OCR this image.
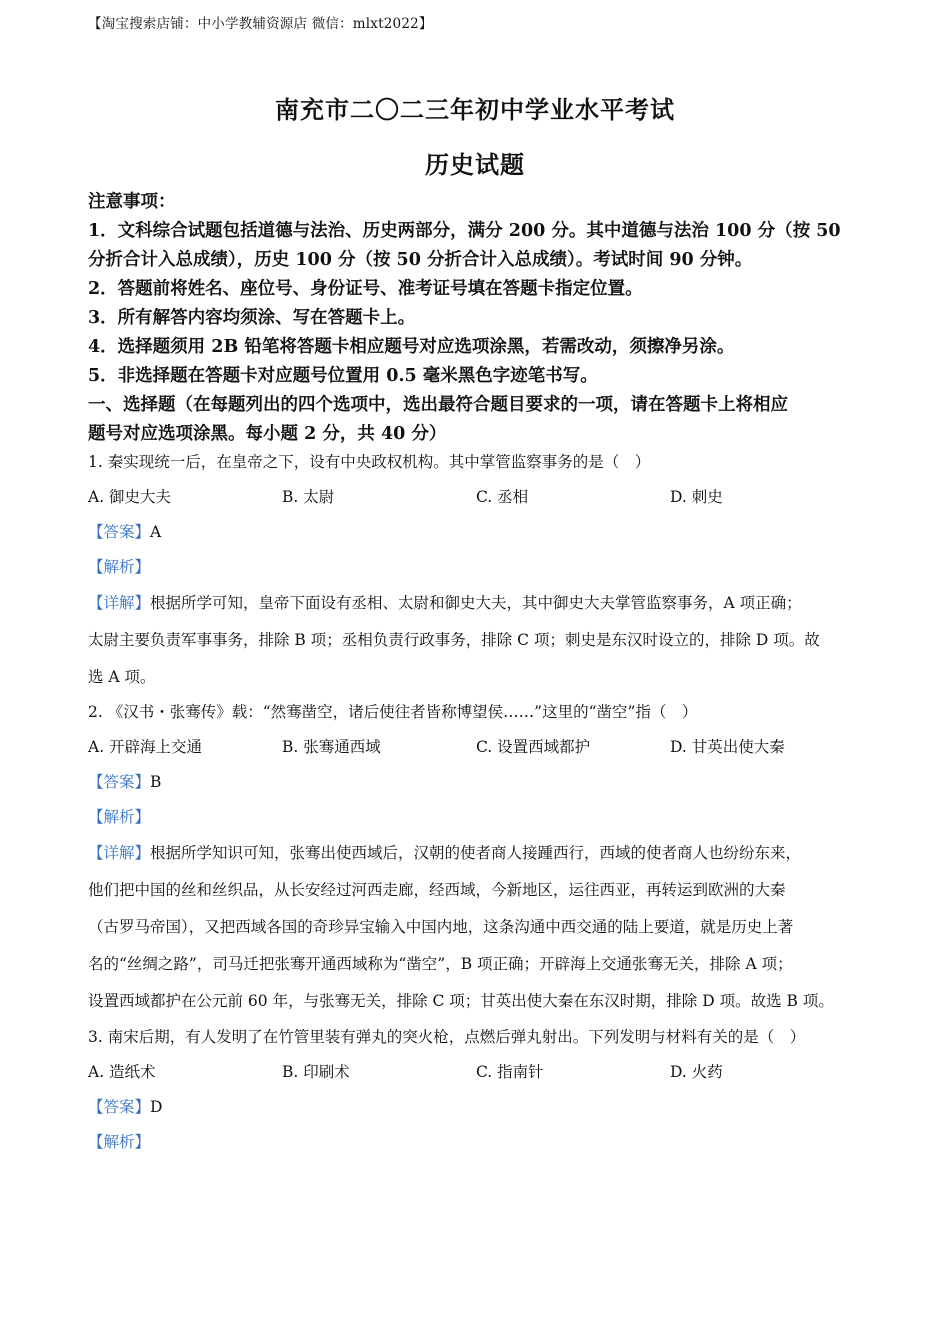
【淘宝搜索店铺：中小学教辅资源店 微信：mlxt2022】
南充市二〇二三年初中学业水平考试
历史试题
注意事项：
1．文科综合试题包括道德与法治、历史两部分，满分 200 分。其中道德与法治 100 分（按 50
分折合计入总成绩），历史 100 分（按 50 分折合计入总成绩）。考试时间 90 分钟。
2．答题前将姓名、座位号、身份证号、准考证号填在答题卡指定位置。
3．所有解答内容均须涂、写在答题卡上。
4．选择题须用 2B 铅笔将答题卡相应题号对应选项涂黑，若需改动，须擦净另涂。
5．非选择题在答题卡对应题号位置用 0.5 毫米黑色字迹笔书写。
一、选择题（在每题列出的四个选项中，选出最符合题目要求的一项，请在答题卡上将相应
题号对应选项涂黑。每小题 2 分，共 40 分）
1. 秦实现统一后，在皇帝之下，设有中央政权机构。其中掌管监察事务的是（　）
A. 御史大夫	B. 太尉	C. 丞相	D. 刺史
【答案】A
【解析】
【详解】根据所学可知，皇帝下面设有丞相、太尉和御史大夫，其中御史大夫掌管监察事务，A 项正确；
太尉主要负责军事事务，排除 B 项；丞相负责行政事务，排除 C 项；刺史是东汉时设立的，排除 D 项。故
选 A 项。
2. 《汉书・张骞传》载：“然骞凿空，诸后使往者皆称博望侯……”这里的“凿空”指（　）
A. 开辟海上交通	B. 张骞通西域	C. 设置西域都护	D. 甘英出使大秦
【答案】B
【解析】
【详解】根据所学知识可知，张骞出使西域后，汉朝的使者商人接踵西行，西域的使者商人也纷纷东来，
他们把中国的丝和丝织品，从长安经过河西走廊，经西域，今新地区，运往西亚，再转运到欧洲的大秦
（古罗马帝国），又把西域各国的奇珍异宝输入中国内地，这条沟通中西交通的陆上要道，就是历史上著
名的“丝绸之路”，司马迁把张骞开通西域称为“凿空”，B 项正确；开辟海上交通张骞无关，排除 A 项；
设置西域都护在公元前 60 年，与张骞无关，排除 C 项；甘英出使大秦在东汉时期，排除 D 项。故选 B 项。
3. 南宋后期，有人发明了在竹管里装有弹丸的突火枪，点燃后弹丸射出。下列发明与材料有关的是（　）
A. 造纸术	B. 印刷术	C. 指南针	D. 火药
【答案】D
【解析】
